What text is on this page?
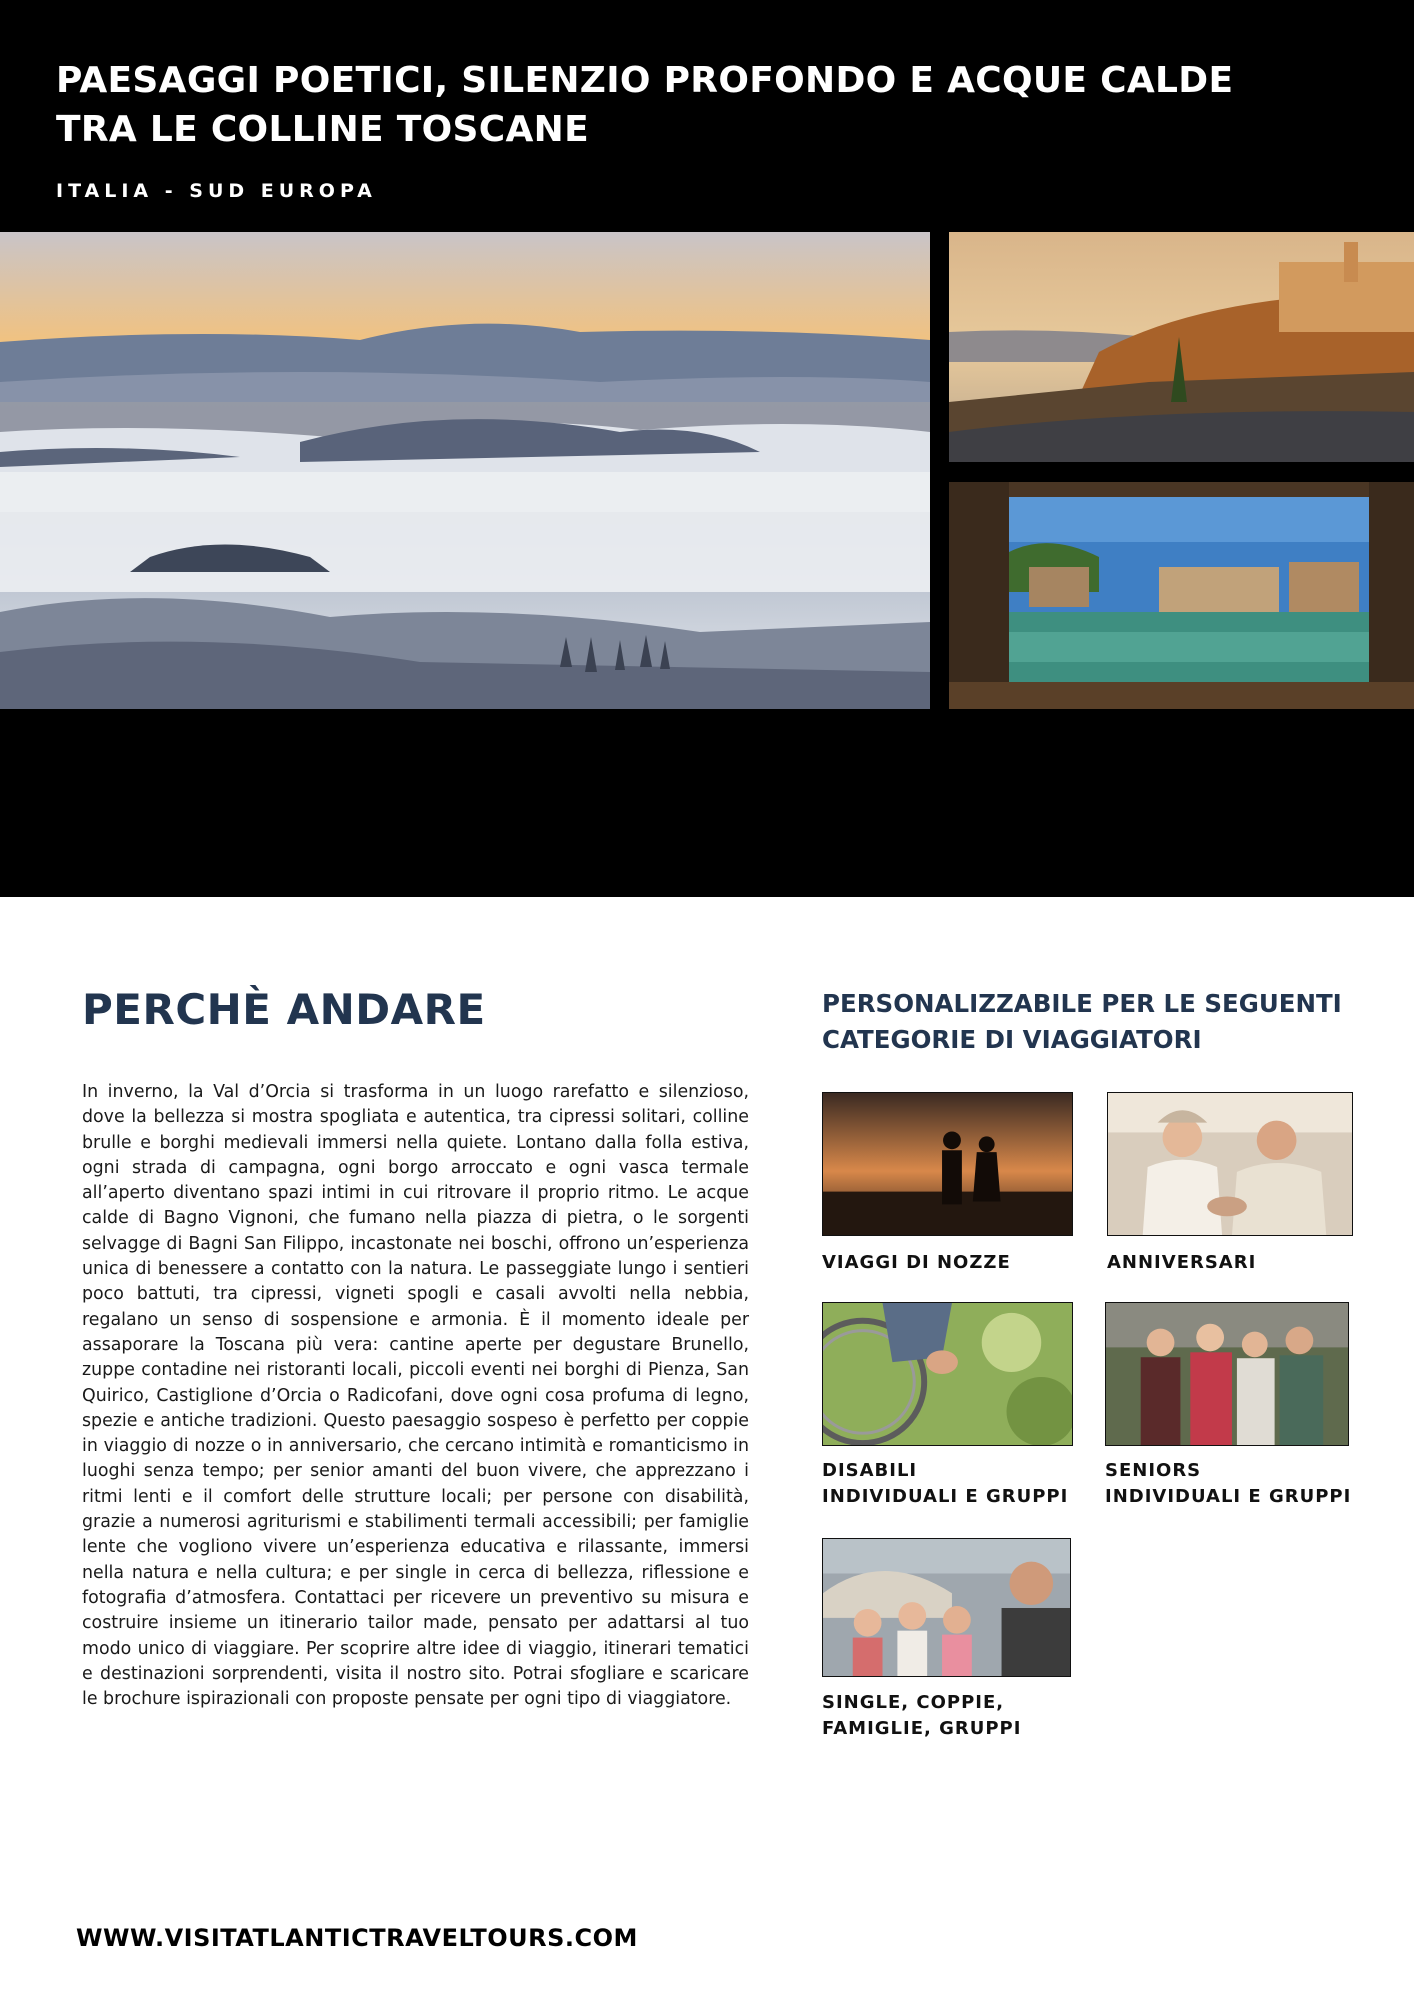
PAESAGGI POETICI, SILENZIO PROFONDO E ACQUE CALDE TRA LE COLLINE TOSCANE
ITALIA - SUD EUROPA
PERCHÈ ANDARE

In inverno, la Val d’Orcia si trasforma in un luogo rarefatto e silenzioso, dove la bellezza si mostra spogliata e autentica, tra cipressi solitari, colline brulle e borghi medievali immersi nella quiete. Lontano dalla folla estiva, ogni strada di campagna, ogni borgo arroccato e ogni vasca termale all’aperto diventano spazi intimi in cui ritrovare il proprio ritmo. Le acque calde di Bagno Vignoni, che fumano nella piazza di pietra, o le sorgenti selvagge di Bagni San Filippo, incastonate nei boschi, offrono un’esperienza unica di benessere a contatto con la natura. Le passeggiate lungo i sentieri poco battuti, tra cipressi, vigneti spogli e casali avvolti nella nebbia, regalano un senso di sospensione e armonia. È il momento ideale per assaporare la Toscana più vera: cantine aperte per degustare Brunello, zuppe contadine nei ristoranti locali, piccoli eventi nei borghi di Pienza, San Quirico, Castiglione d’Orcia o Radicofani, dove ogni cosa profuma di legno, spezie e antiche tradizioni. Questo paesaggio sospeso è perfetto per coppie in viaggio di nozze o in anniversario, che cercano intimità e romanticismo in luoghi senza tempo; per senior amanti del buon vivere, che apprezzano i ritmi lenti e il comfort delle strutture locali; per persone con disabilità, grazie a numerosi agriturismi e stabilimenti termali accessibili; per famiglie lente che vogliono vivere un’esperienza educativa e rilassante, immersi nella natura e nella cultura; e per single in cerca di bellezza, riflessione e fotografia d’atmosfera. Contattaci per ricevere un preventivo su misura e costruire insieme un itinerario tailor made, pensato per adattarsi al tuo modo unico di viaggiare. Per scoprire altre idee di viaggio, itinerari tematici e destinazioni sorprendenti, visita il nostro sito. Potrai sfogliare e scaricare le brochure ispirazionali con proposte pensate per ogni tipo di viaggiatore.

PERSONALIZZABILE PER LE SEGUENTI CATEGORIE DI VIAGGIATORI

VIAGGI DI NOZZE	ANNIVERSARI

DISABILI
INDIVIDUALI E GRUPPI

SENIORS
INDIVIDUALI E GRUPPI

SINGLE, COPPIE,
FAMIGLIE, GRUPPI

WWW.VISITATLANTICTRAVELTOURS.COM
